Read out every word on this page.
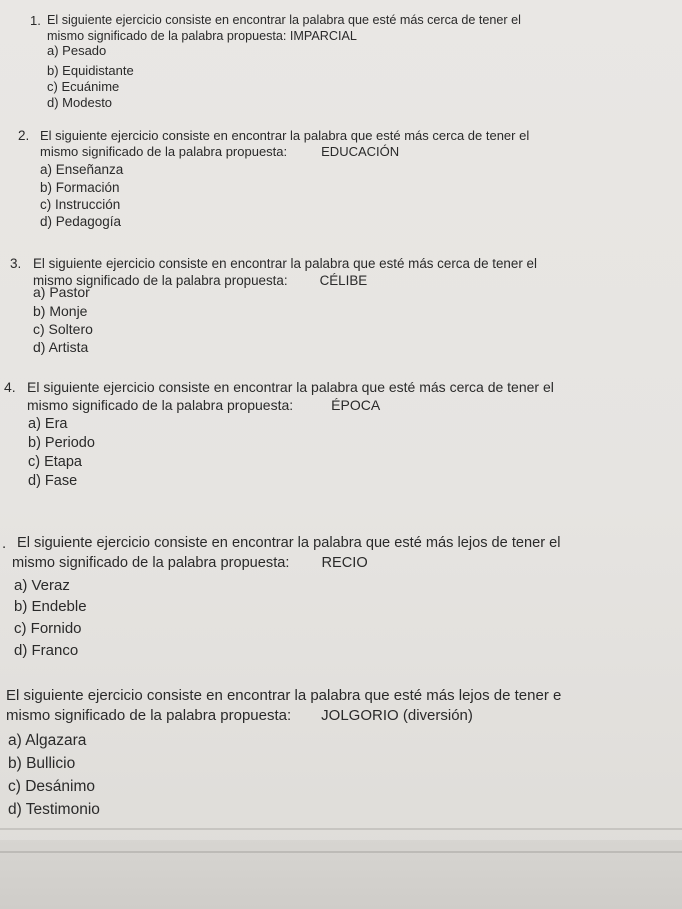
1. El siguiente ejercicio consiste en encontrar la palabra que esté más cerca de tener el
mismo significado de la palabra propuesta: IMPARCIAL
a) Pesado
b) Equidistante
c) Ecuánime
d) Modesto
2. El siguiente ejercicio consiste en encontrar la palabra que esté más cerca de tener el
mismo significado de la palabra propuesta:	EDUCACIÓN
a) Enseñanza
b) Formación
c) Instrucción
d) Pedagogía
3. El siguiente ejercicio consiste en encontrar la palabra que esté más cerca de tener el
mismo significado de la palabra propuesta: CÉLIBE
a) Pastor
b) Monje
c) Soltero
d) Artista
4. El siguiente ejercicio consiste en encontrar la palabra que esté más cerca de tener el
mismo significado de la palabra propuesta:	ÉPOCA
a) Era
b) Periodo
c) Etapa
d) Fase
. El siguiente ejercicio consiste en encontrar la palabra que esté más lejos de tener el
mismo significado de la palabra propuesta: RECIO
a) Veraz
b) Endeble
c) Fornido
d) Franco
El siguiente ejercicio consiste en encontrar la palabra que esté más lejos de tener e
mismo significado de la palabra propuesta: JOLGORIO (diversión)
a) Algazara
b) Bullicio
c) Desánimo
d) Testimonio
